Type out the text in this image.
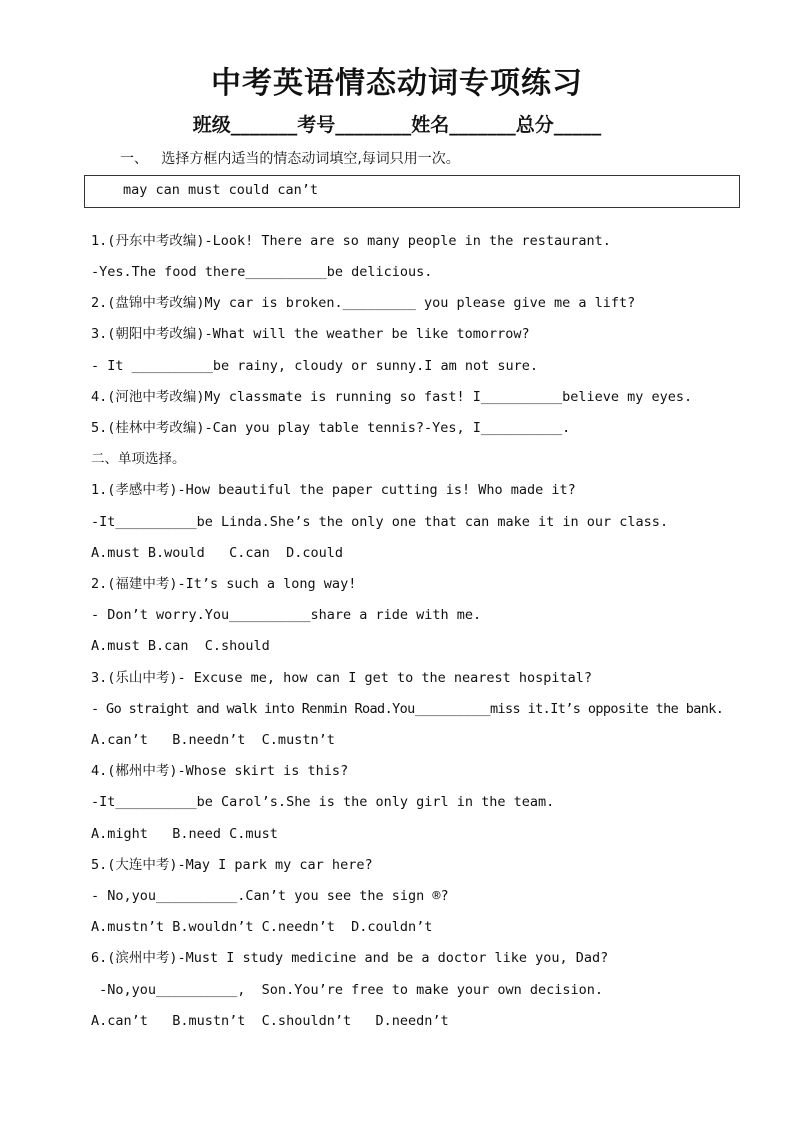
中考英语情态动词专项练习
班级_______考号________姓名_______总分_____
一、   选择方框内适当的情态动词填空,每词只用一次。
may can must could can’t
1.(丹东中考改编)-Look! There are so many people in the restaurant.
-Yes.The food there__________be delicious.
2.(盘锦中考改编)My car is broken._________ you please give me a lift?
3.(朝阳中考改编)-What will the weather be like tomorrow?
- It __________be rainy, cloudy or sunny.I am not sure.
4.(河池中考改编)My classmate is running so fast! I__________believe my eyes.
5.(桂林中考改编)-Can you play table tennis?-Yes, I__________.
二、单项选择。
1.(孝感中考)-How beautiful the paper cutting is! Who made it?
-It__________be Linda.She’s the only one that can make it in our class.
A.must B.would   C.can  D.could
2.(福建中考)-It’s such a long way!
- Don’t worry.You__________share a ride with me.
A.must B.can  C.should
3.(乐山中考)- Excuse me, how can I get to the nearest hospital?
- Go straight and walk into Renmin Road.You__________miss it.It’s opposite the bank.
A.can’t   B.needn’t  C.mustn’t
4.(郴州中考)-Whose skirt is this?
-It__________be Carol’s.She is the only girl in the team.
A.might   B.need C.must
5.(大连中考)-May I park my car here?
- No,you__________.Can’t you see the sign ®?
A.mustn’t B.wouldn’t C.needn’t  D.couldn’t
6.(滨州中考)-Must I study medicine and be a doctor like you, Dad?
-No,you__________,  Son.You’re free to make your own decision.
A.can’t   B.mustn’t  C.shouldn’t   D.needn’t
